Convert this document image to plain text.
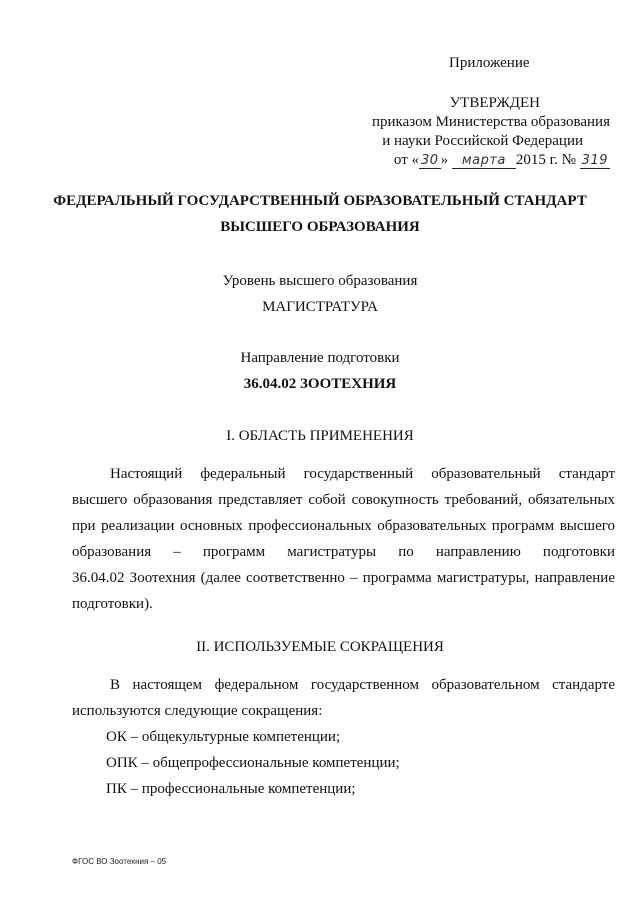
Приложение
УТВЕРЖДЕН
приказом Министерства образования
и науки Российской Федерации
от « 30 » марта 2015 г. № 319
ФЕДЕРАЛЬНЫЙ ГОСУДАРСТВЕННЫЙ ОБРАЗОВАТЕЛЬНЫЙ СТАНДАРТ
ВЫСШЕГО ОБРАЗОВАНИЯ
Уровень высшего образования
МАГИСТРАТУРА
Направление подготовки
36.04.02 ЗООТЕХНИЯ
I. ОБЛАСТЬ ПРИМЕНЕНИЯ
Настоящий федеральный государственный образовательный стандарт
высшего образования представляет собой совокупность требований, обязательных
при реализации основных профессиональных образовательных программ высшего
образования – программ магистратуры по направлению подготовки
36.04.02 Зоотехния (далее соответственно – программа магистратуры, направление
подготовки).
II. ИСПОЛЬЗУЕМЫЕ СОКРАЩЕНИЯ
В настоящем федеральном государственном образовательном стандарте
используются следующие сокращения:
ОК – общекультурные компетенции;
ОПК – общепрофессиональные компетенции;
ПК – профессиональные компетенции;
ФГОС ВО Зоотехния – 05
